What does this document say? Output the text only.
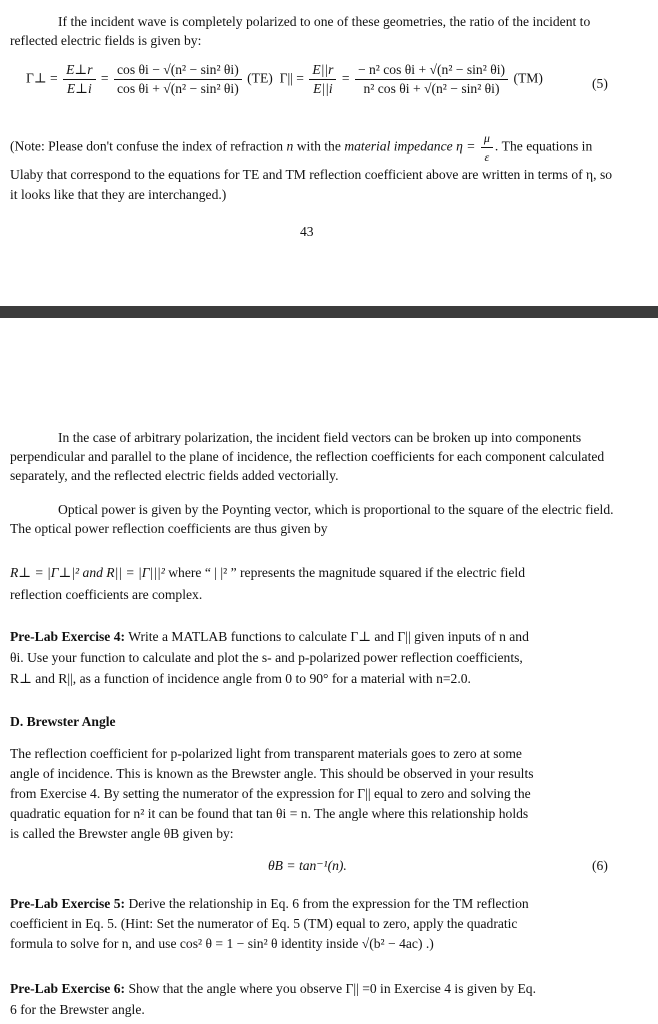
If the incident wave is completely polarized to one of these geometries, the ratio of the incident to reflected electric fields is given by:

Γ⊥ = $\frac{E\perp r}{E\perp i} = \frac{\text{cos θi − √(n² − sin² θi)}}{\text{cos θi + √(n² − sin² θi)}} (TE) \Gamma|| = \frac{E||r}{E||i} = \frac{\text{− n² cos θi + √(n² − sin² θi)}}{\text{n² cos θi + √(n² − sin² θi)}} (TM)$	(5)
(Note: Please don't confuse the index of refraction n with the material impedance $\eta = \frac{\mu}{\varepsilon}$ . The equations in Ulaby that correspond to the equations for TE and TM reflection coefficient above are written in terms of η, so it looks like that they are interchanged.)
43

In the case of arbitrary polarization, the incident field vectors can be broken up into components perpendicular and parallel to the plane of incidence, the reflection coefficients for each component calculated separately, and the reflected electric fields added vectorially.

Optical power is given by the Poynting vector, which is proportional to the square of the electric field. The optical power reflection coefficients are thus given by

R⊥ = |Γ⊥|² and R|| = |Γ|||² where “ | |² ” represents the magnitude squared if the electric field
reflection coefficients are complex.
Pre-Lab Exercise 4: Write a MATLAB functions to calculate Γ⊥ and Γ|| given inputs of n and
θi. Use your function to calculate and plot the s- and p-polarized power reflection coefficients,
R⊥ and R||, as a function of incidence angle from 0 to 90° for a material with n=2.0.
D. Brewster Angle
The reflection coefficient for p-polarized light from transparent materials goes to zero at some
angle of incidence. This is known as the Brewster angle. This should be observed in your results
from Exercise 4. By setting the numerator of the expression for Γ|| equal to zero and solving the
quadratic equation for n² it can be found that tan θi = n. The angle where this relationship holds
is called the Brewster angle θB given by:
θB = tan⁻¹(n).	(6)
Pre-Lab Exercise 5: Derive the relationship in Eq. 6 from the expression for the TM reflection
coefficient in Eq. 5. (Hint: Set the numerator of Eq. 5 (TM) equal to zero, apply the quadratic
formula to solve for n, and use cos² θ = 1 − sin² θ identity inside √(b² − 4ac) .)
Pre-Lab Exercise 6: Show that the angle where you observe Γ|| =0 in Exercise 4 is given by Eq.
6 for the Brewster angle.
